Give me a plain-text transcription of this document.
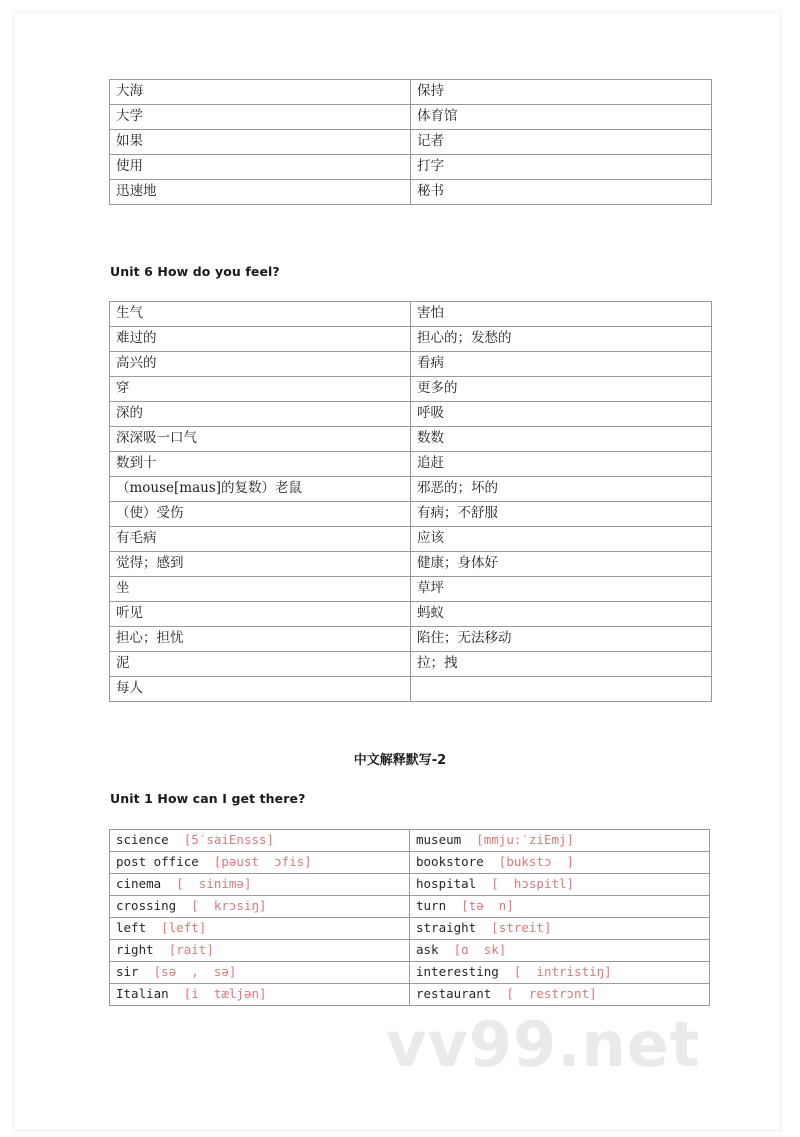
vv99.net
大海	保持
大学	体育馆
如果	记者
使用	打字
迅速地	秘书
Unit 6 How do you feel?
生气	害怕
难过的	担心的；发愁的
高兴的	看病
穿	更多的
深的	呼吸
深深吸一口气	数数
数到十	追赶
（mouse[maus]的复数）老鼠	邪恶的；坏的
（使）受伤	有病；不舒服
有毛病	应该
觉得；感到	健康；身体好
坐	草坪
听见	蚂蚁
担心；担忧	陷住；无法移动
泥	拉；拽
每人	
中文解释默写-2
Unit 1 How can I get there?
science [5′saiEnsss]	museum [mmju:′ziEmj]
post office [pəust  ɔfis]	bookstore [bukstɔ  ]
cinema [  sinimə]	hospital [  hɔspitl]
crossing [  krɔsiŋ]	turn [tə  n]
left [left]	straight [streit]
right [rait]	ask [ɑ  sk]
sir [sə  ,  sə]	interesting [  intristiŋ]
Italian [i  tæljən]	restaurant [  restrɔnt]
